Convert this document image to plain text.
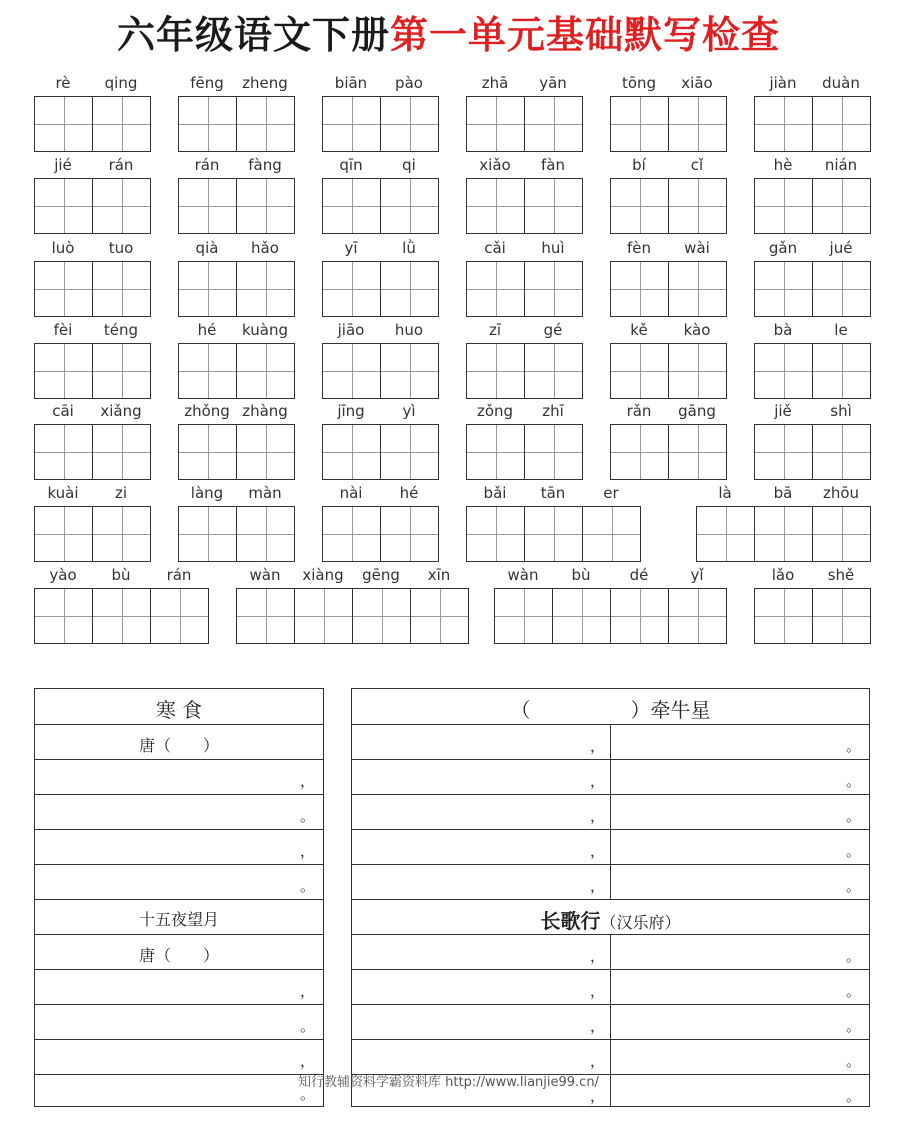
六年级语文下册第一单元基础默写检查
rè qing	fēng zheng	biān pào	zhā yān	tōng xiāo	jiàn duàn
jié rán	rán fàng	qīn	qi	xiǎo fàn	bí	cǐ	hè nián
luò tuo	qià hǎo	yī	lǜ	cǎi huì	fèn wài	gǎn jué
fèi téng	hé kuàng	jiāo huo	zī	gé	kě kào	bà	le
cāi xiǎng	zhǒng zhàng	jīng	yì	zǒng zhī	rǎn gāng	jiě	shì
kuài zi	làng màn	nài hé	bǎi tān	er	là	bā zhōu
yào bù rán	wàn xiàng gēng xīn	wàn bù	dé	yǐ	lǎo shě
寒 食
唐（　　）
，
。
，
。
十五夜望月
唐（　　）
，
。
，
。
（　　　　　）牵牛星
长歌行（汉乐府）
，	。
，	。
，	。
，	。
，	。
，	。
，	。
，	。
，	。
，	。
知行教辅资料学霸资料库 http://www.lianjie99.cn/
